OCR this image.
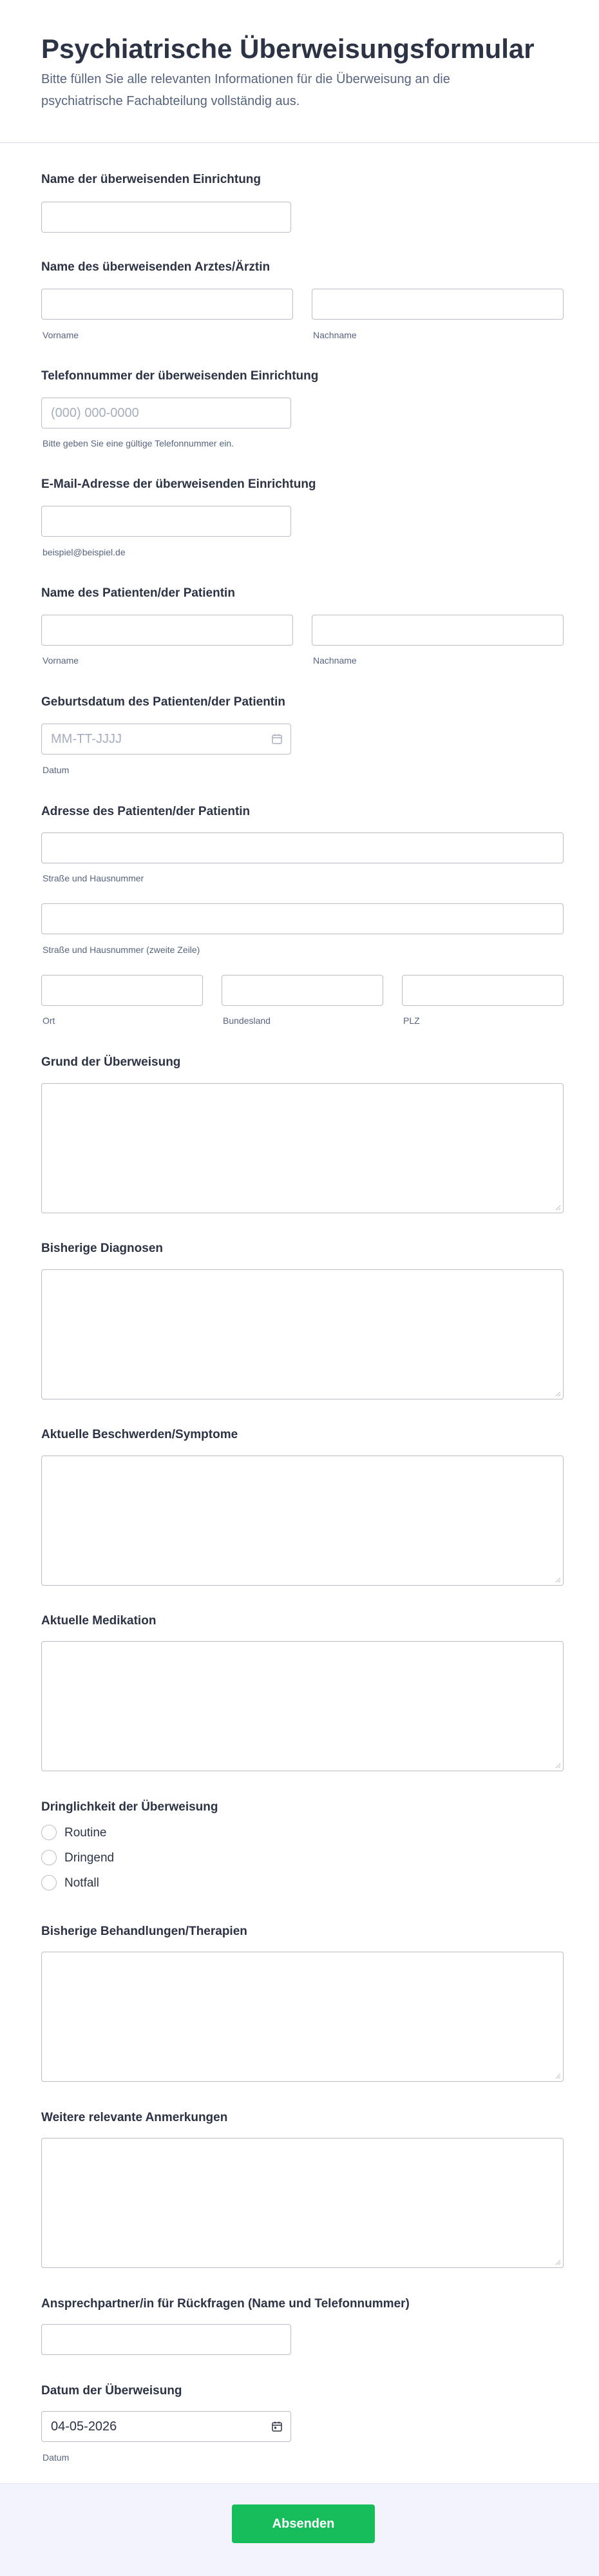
Psychiatrische Überweisungsformular

Bitte füllen Sie alle relevanten Informationen für die Überweisung an die psychiatrische Fachabteilung vollständig aus.

Name der überweisenden Einrichtung
Name des überweisenden Arztes/Ärztin
Vorname	Nachname
Telefonnummer der überweisenden Einrichtung
(000) 000-0000
Bitte geben Sie eine gültige Telefonnummer ein.
E-Mail-Adresse der überweisenden Einrichtung
beispiel@beispiel.de
Name des Patienten/der Patientin
Vorname	Nachname
Geburtsdatum des Patienten/der Patientin
MM-TT-JJJJ
Datum
Adresse des Patienten/der Patientin
Straße und Hausnummer
Straße und Hausnummer (zweite Zeile)
Ort	Bundesland	PLZ
Grund der Überweisung
Bisherige Diagnosen
Aktuelle Beschwerden/Symptome
Aktuelle Medikation
Dringlichkeit der Überweisung
Routine
Dringend
Notfall
Bisherige Behandlungen/Therapien
Weitere relevante Anmerkungen
Ansprechpartner/in für Rückfragen (Name und Telefonnummer)
Datum der Überweisung
04-05-2026
Datum
Absenden
